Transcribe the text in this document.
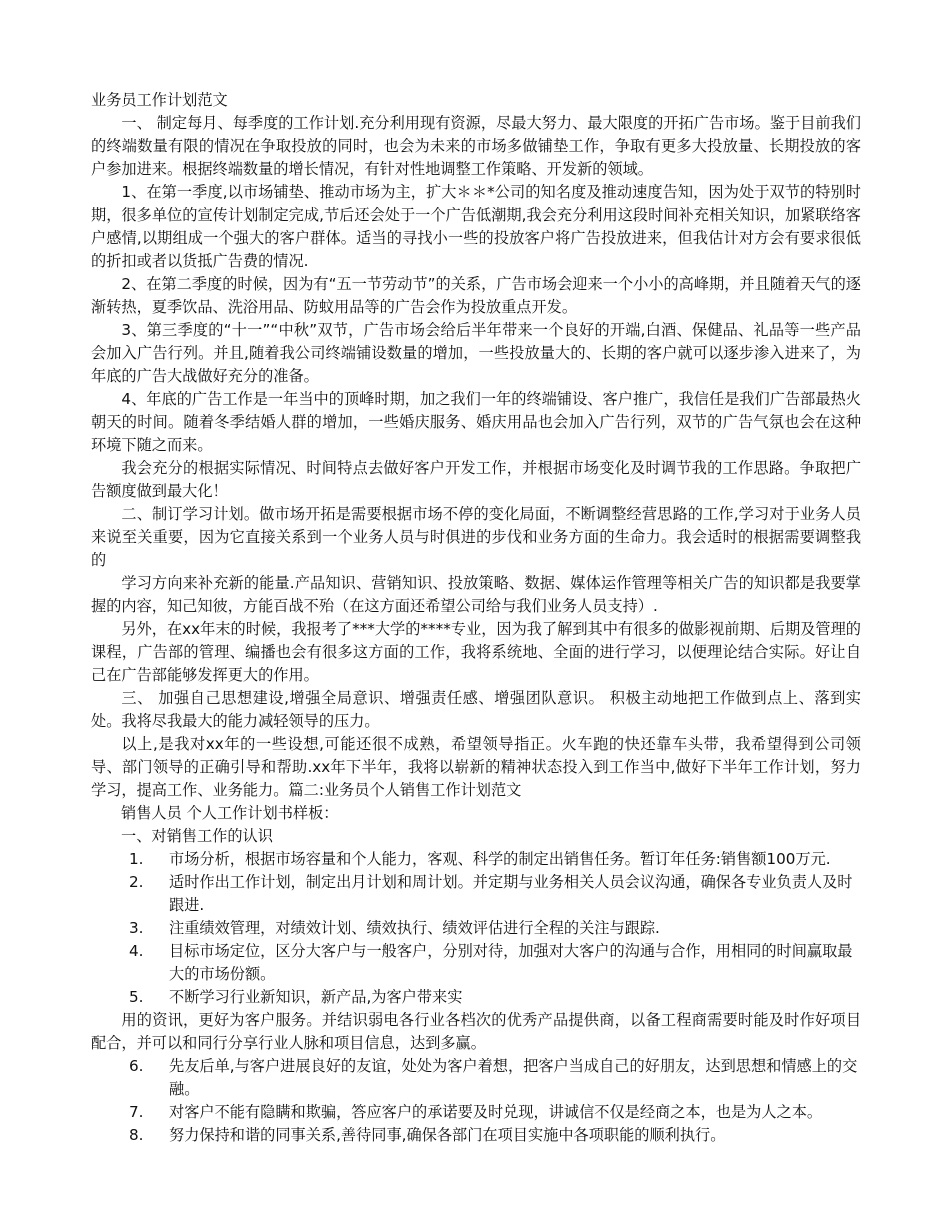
业务员工作计划范文

一、 制定每月、每季度的工作计划.充分利用现有资源，尽最大努力、最大限度的开拓广告市场。鉴于目前我们的终端数量有限的情况在争取投放的同时，也会为未来的市场多做铺垫工作，争取有更多大投放量、长期投放的客户参加进来。根据终端数量的增长情况，有针对性地调整工作策略、开发新的领域。

1、在第一季度,以市场铺垫、推动市场为主，扩大＊＊*公司的知名度及推动速度告知，因为处于双节的特别时期，很多单位的宣传计划制定完成,节后还会处于一个广告低潮期,我会充分利用这段时间补充相关知识，加紧联络客户感情,以期组成一个强大的客户群体。适当的寻找小一些的投放客户将广告投放进来，但我估计对方会有要求很低的折扣或者以货抵广告费的情况.

2、在第二季度的时候，因为有“五一节劳动节”的关系，广告市场会迎来一个小小的高峰期，并且随着天气的逐渐转热，夏季饮品、洗浴用品、防蚊用品等的广告会作为投放重点开发。

3、第三季度的“十一”“中秋”双节，广告市场会给后半年带来一个良好的开端,白酒、保健品、礼品等一些产品会加入广告行列。并且,随着我公司终端铺设数量的增加，一些投放量大的、长期的客户就可以逐步渗入进来了，为年底的广告大战做好充分的准备。

4、年底的广告工作是一年当中的顶峰时期，加之我们一年的终端铺设、客户推广，我信任是我们广告部最热火朝天的时间。随着冬季结婚人群的增加，一些婚庆服务、婚庆用品也会加入广告行列，双节的广告气氛也会在这种环境下随之而来。

我会充分的根据实际情况、时间特点去做好客户开发工作，并根据市场变化及时调节我的工作思路。争取把广告额度做到最大化！

二、制订学习计划。做市场开拓是需要根据市场不停的变化局面，不断调整经营思路的工作,学习对于业务人员来说至关重要，因为它直接关系到一个业务人员与时俱进的步伐和业务方面的生命力。我会适时的根据需要调整我的

学习方向来补充新的能量.产品知识、营销知识、投放策略、数据、媒体运作管理等相关广告的知识都是我要掌握的内容，知己知彼，方能百战不殆（在这方面还希望公司给与我们业务人员支持）.

另外，在xx年末的时候，我报考了***大学的****专业，因为我了解到其中有很多的做影视前期、后期及管理的课程，广告部的管理、编播也会有很多这方面的工作，我将系统地、全面的进行学习，以便理论结合实际。好让自己在广告部能够发挥更大的作用。

三、 加强自己思想建设,增强全局意识、增强责任感、增强团队意识。 积极主动地把工作做到点上、落到实处。我将尽我最大的能力减轻领导的压力。

以上,是我对xx年的一些设想,可能还很不成熟，希望领导指正。火车跑的快还靠车头带，我希望得到公司领导、部门领导的正确引导和帮助.xx年下半年，我将以崭新的精神状态投入到工作当中,做好下半年工作计划，努力学习，提高工作、业务能力。篇二:业务员个人销售工作计划范文

销售人员 个人工作计划书样板：

一、对销售工作的认识

1.	市场分析，根据市场容量和个人能力，客观、科学的制定出销售任务。暂订年任务:销售额100万元.
2.	适时作出工作计划，制定出月计划和周计划。并定期与业务相关人员会议沟通，确保各专业负责人及时跟进.
3.	注重绩效管理，对绩效计划、绩效执行、绩效评估进行全程的关注与跟踪.
4.	目标市场定位，区分大客户与一般客户，分别对待，加强对大客户的沟通与合作，用相同的时间赢取最大的市场份额。
5.	不断学习行业新知识，新产品,为客户带来实

用的资讯，更好为客户服务。并结识弱电各行业各档次的优秀产品提供商，以备工程商需要时能及时作好项目配合，并可以和同行分享行业人脉和项目信息，达到多赢。

6.	先友后单,与客户进展良好的友谊，处处为客户着想，把客户当成自己的好朋友，达到思想和情感上的交融。
7.	对客户不能有隐瞒和欺骗，答应客户的承诺要及时兑现，讲诚信不仅是经商之本，也是为人之本。
8.	努力保持和谐的同事关系,善待同事,确保各部门在项目实施中各项职能的顺利执行。
